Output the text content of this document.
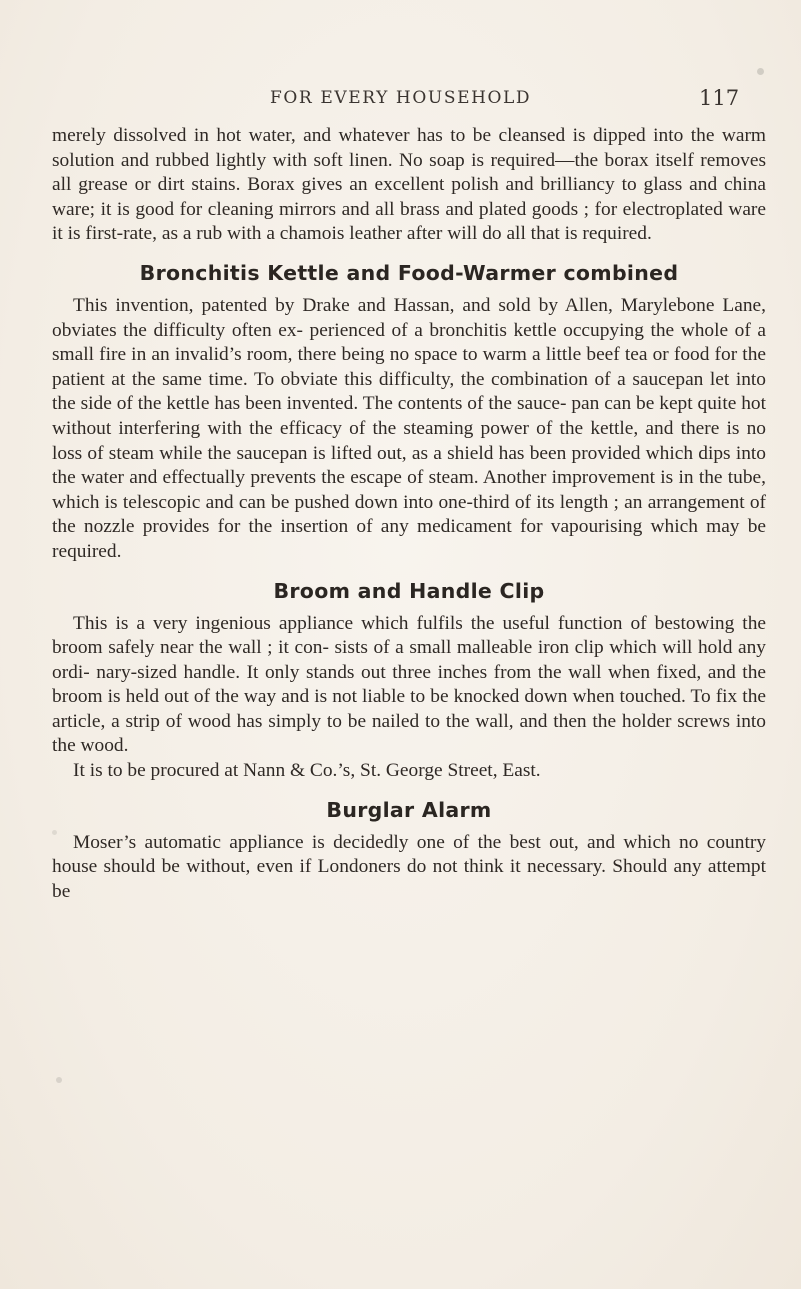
FOR EVERY HOUSEHOLD	117

merely dissolved in hot water, and whatever has to be cleansed is dipped into the warm solution and rubbed lightly with soft linen. No soap is required—the borax itself removes all grease or dirt stains. Borax gives an excellent polish and brilliancy to glass and china ware; it is good for cleaning mirrors and all brass and plated goods ; for electroplated ware it is first-rate, as a rub with a chamois leather after will do all that is required.

Bronchitis Kettle and Food-Warmer combined

This invention, patented by Drake and Hassan, and sold by Allen, Marylebone Lane, obviates the difficulty often ex- perienced of a bronchitis kettle occupying the whole of a small fire in an invalid’s room, there being no space to warm a little beef tea or food for the patient at the same time. To obviate this difficulty, the combination of a saucepan let into the side of the kettle has been invented. The contents of the sauce- pan can be kept quite hot without interfering with the efficacy of the steaming power of the kettle, and there is no loss of steam while the saucepan is lifted out, as a shield has been provided which dips into the water and effectually prevents the escape of steam. Another improvement is in the tube, which is telescopic and can be pushed down into one-third of its length ; an arrangement of the nozzle provides for the insertion of any medicament for vapourising which may be required.

Broom and Handle Clip

This is a very ingenious appliance which fulfils the useful function of bestowing the broom safely near the wall ; it con- sists of a small malleable iron clip which will hold any ordi- nary-sized handle. It only stands out three inches from the wall when fixed, and the broom is held out of the way and is not liable to be knocked down when touched. To fix the article, a strip of wood has simply to be nailed to the wall, and then the holder screws into the wood.

It is to be procured at Nann & Co.’s, St. George Street, East.

Burglar Alarm

Moser’s automatic appliance is decidedly one of the best out, and which no country house should be without, even if Londoners do not think it necessary. Should any attempt be
